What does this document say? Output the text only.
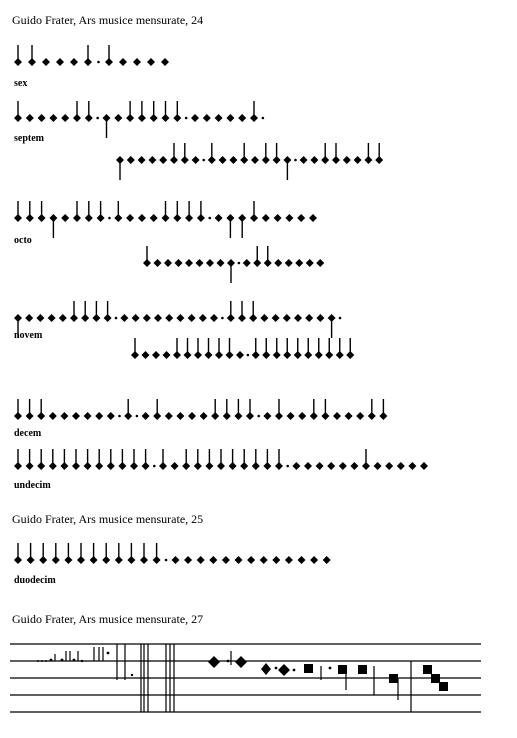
Guido Frater, Ars musice mensurate, 24
Guido Frater, Ars musice mensurate, 25
Guido Frater, Ars musice mensurate, 27
sex
septem
octo
novem
decem
undecim
duodecim
